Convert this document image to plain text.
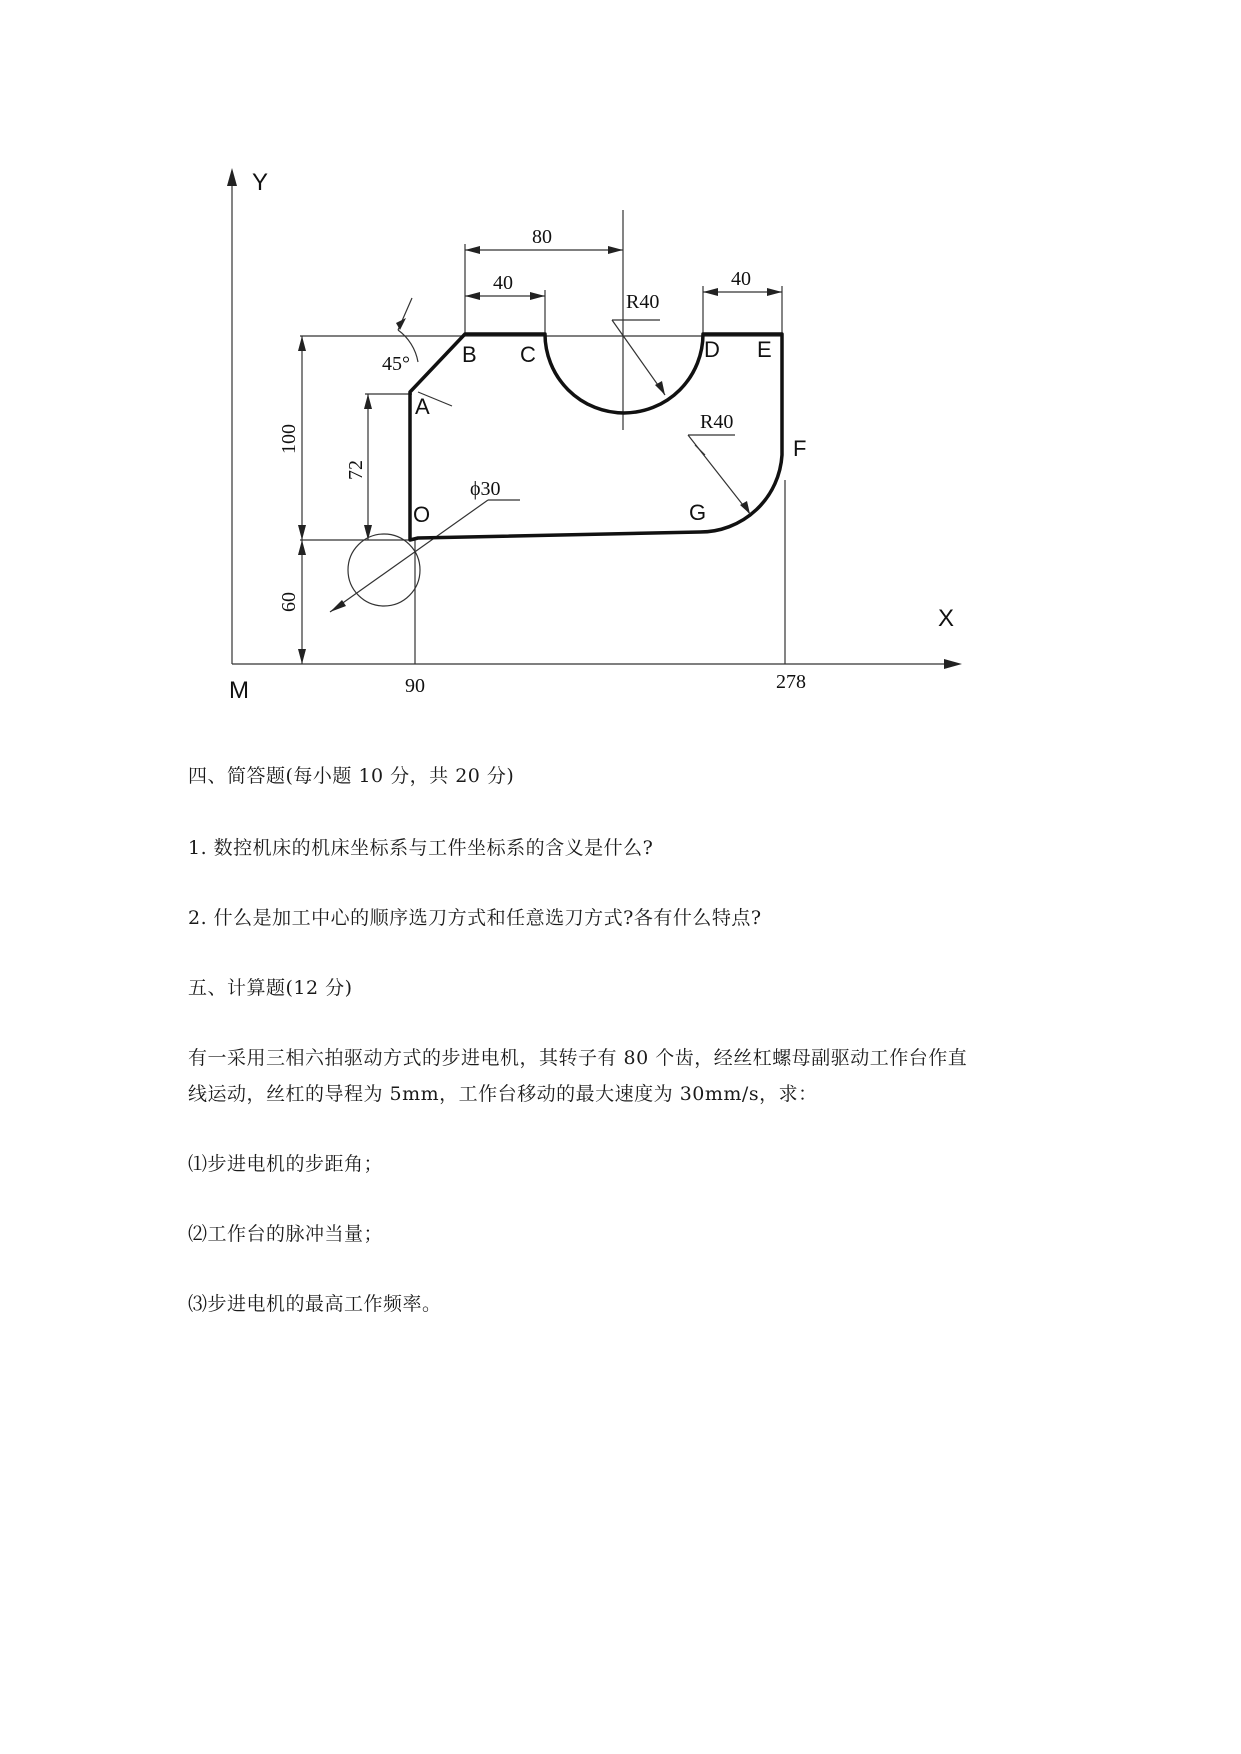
Y
X
M	90	278
80
40	40
100
72
60
45°
ϕ30
R40
R40
A
B C	D E
F
G
O

四、简答题(每小题 10 分，共 20 分)

1. 数控机床的机床坐标系与工件坐标系的含义是什么?

2. 什么是加工中心的顺序选刀方式和任意选刀方式?各有什么特点?

五、计算题(12 分)

有一采用三相六拍驱动方式的步进电机，其转子有 80 个齿，经丝杠螺母副驱动工作台作直

线运动，丝杠的导程为 5mm，工作台移动的最大速度为 30mm/s，求：

⑴步进电机的步距角；

⑵工作台的脉冲当量；

⑶步进电机的最高工作频率。
